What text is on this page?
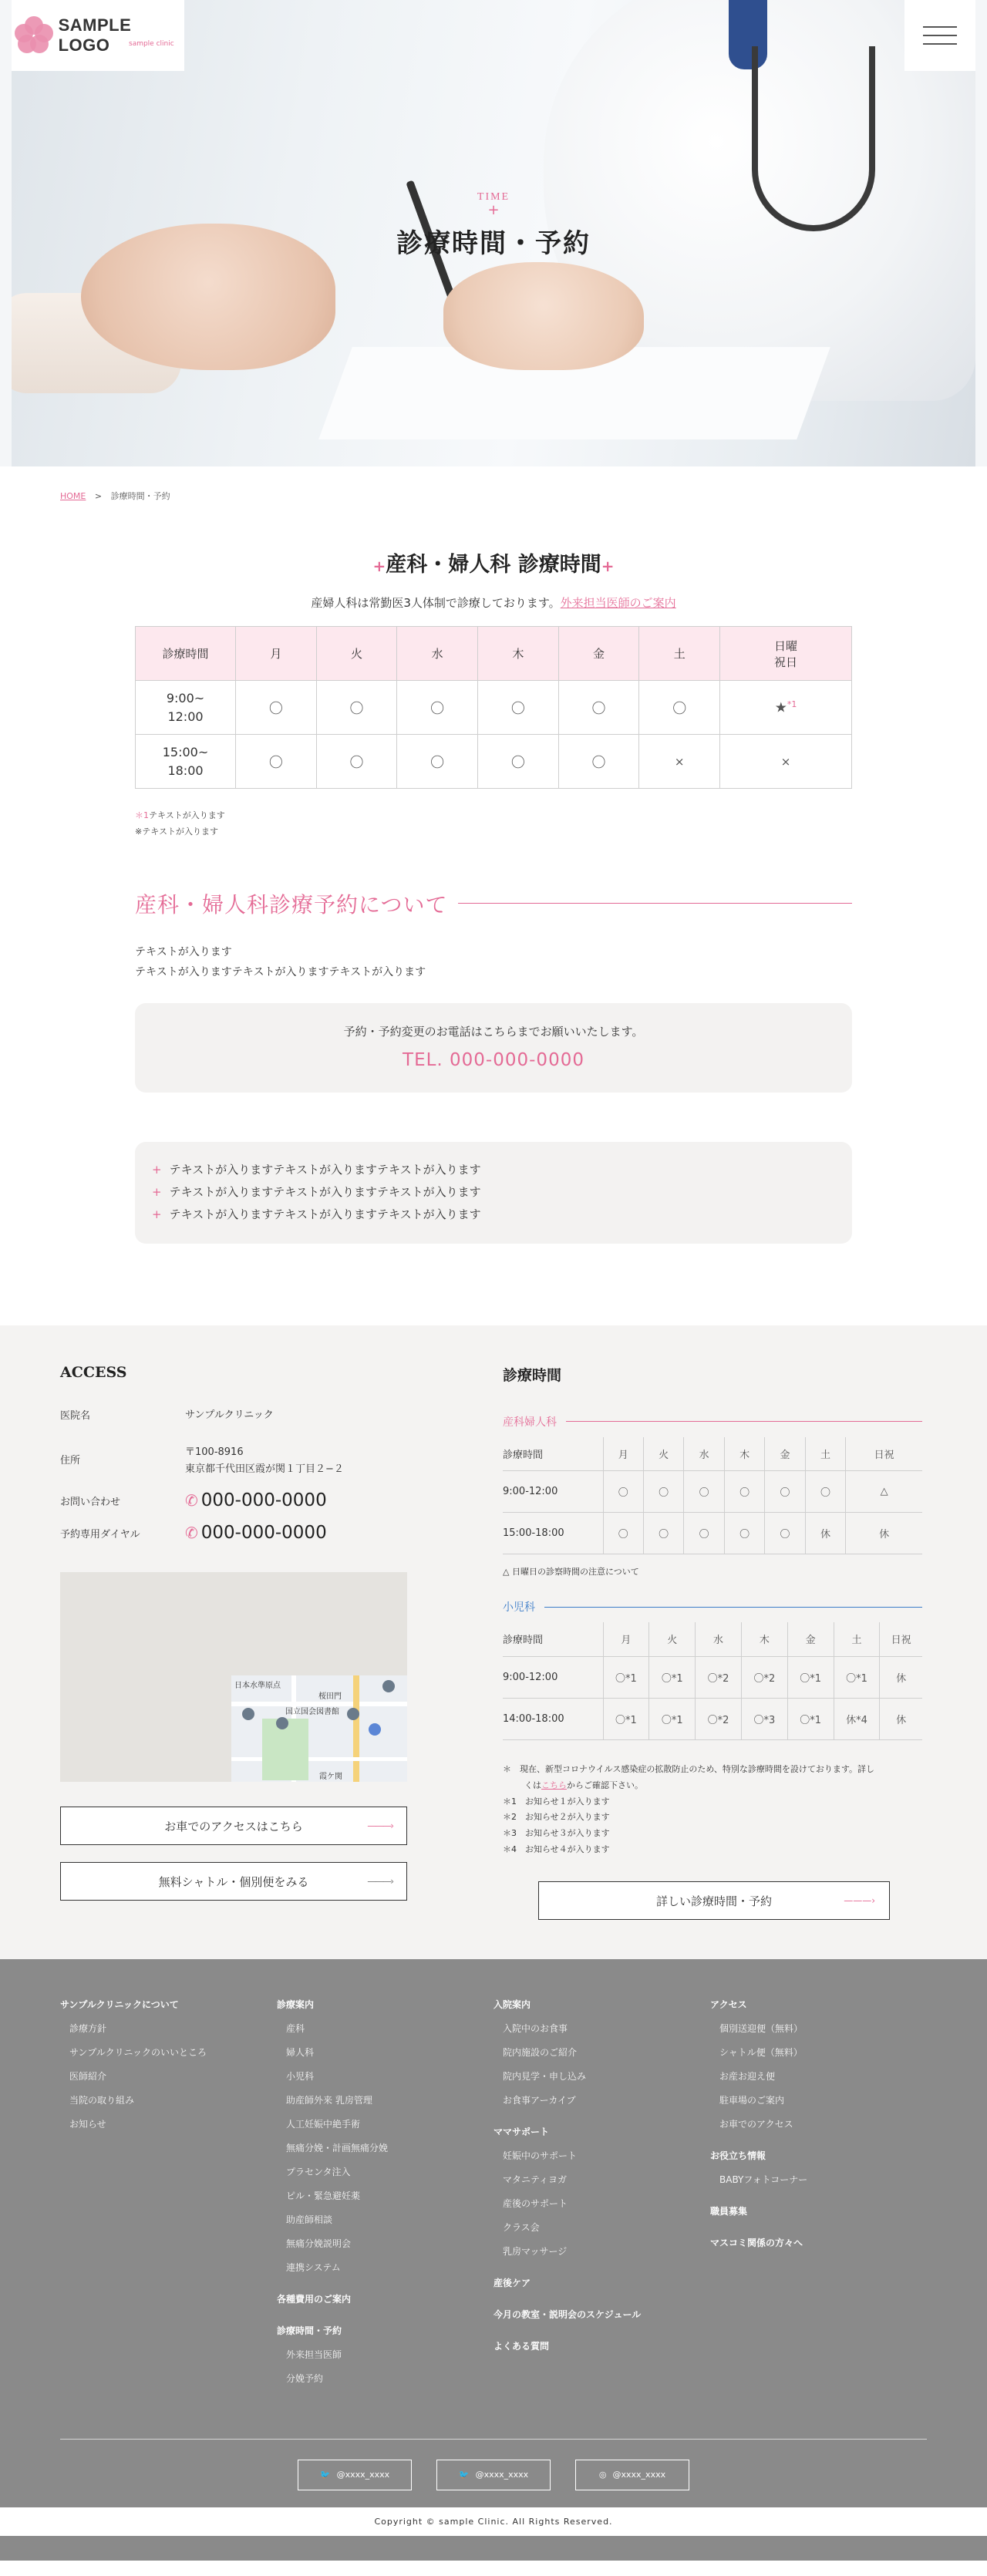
SAMPLE LOGO	sample clinic
TIME
+
診療時間・予約
HOME > 診療時間・予約
+産科・婦人科 診療時間+

産婦人科は常勤医3人体制で診療しております。外来担当医師のご案内

診療時間	月	火	水	木	金	土	日曜
祝日
9:00~
12:00	〇	〇	〇	〇	〇	〇	★$^{*1}$
15:00~
18:00	〇	〇	〇	〇	〇	×	×
＊1テキストが入ります
※テキストが入ります
産科・婦人科診療予約について
テキストが入ります
テキストが入りますテキストが入りますテキストが入ります
予約・予約変更のお電話はこちらまでお願いいたします。
TEL. 000-000-0000
+ テキストが入りますテキストが入りますテキストが入ります
+ テキストが入りますテキストが入りますテキストが入ります
+ テキストが入りますテキストが入りますテキストが入ります
ACCESS
医院名	サンプルクリニック
住所
〒100-8916
東京都千代田区霞が関１丁目２−２
お問い合わせ	✆ 000-000-0000
予約専用ダイヤル	✆ 000-000-0000
日本水準原点
桜田門
国立国会図書館
霞ケ関
お車でのアクセスはこちら	———›
無料シャトル・個別便をみる	———›
診療時間
産科婦人科
診療時間	月	火	水	木	金	土	日祝
9:00-12:00	〇	〇	〇	〇	〇	〇	△
15:00-18:00	〇	〇	〇	〇	〇	休	休
△ 日曜日の診察時間の注意について
小児科
診療時間	月	火	水	木	金	土	日祝
9:00-12:00	〇*1	〇*1	〇*2	〇*2	〇*1	〇*1	休
14:00-18:00	〇*1	〇*1	〇*2	〇*3	〇*1	休*4	休
＊　現在、新型コロナウイルス感染症の拡散防止のため、特別な診療時間を設けております。詳し
くはこちらからご確認下さい。
＊1　お知らせ１が入ります
＊2　お知らせ２が入ります
＊3　お知らせ３が入ります
＊4　お知らせ４が入ります
詳しい診療時間・予約	———›
サンプルクリニックについて
診療方針
サンプルクリニックのいいところ
医師紹介
当院の取り組み
お知らせ
診療案内
産科
婦人科
小児科
助産師外来 乳房管理
人工妊娠中絶手術
無痛分娩・計画無痛分娩
プラセンタ注入
ピル・緊急避妊薬
助産師相談
無痛分娩説明会
連携システム
各種費用のご案内
診療時間・予約
外来担当医師
分娩予約
入院案内
入院中のお食事
院内施設のご紹介
院内見学・申し込み
お食事アーカイブ
ママサポート
妊娠中のサポート
マタニティヨガ
産後のサポート
クラス会
乳房マッサージ
産後ケア
今月の教室・説明会のスケジュール
よくある質問
アクセス
個別送迎便（無料）
シャトル便（無料）
お産お迎え便
駐車場のご案内
お車でのアクセス
お役立ち情報
BABYフォトコーナー
職員募集
マスコミ関係の方々へ
🐦 @xxxx_xxxx	🐦 @xxxx_xxxx	◎ @xxxx_xxxx
Copyright © sample Clinic. All Rights Reserved.
